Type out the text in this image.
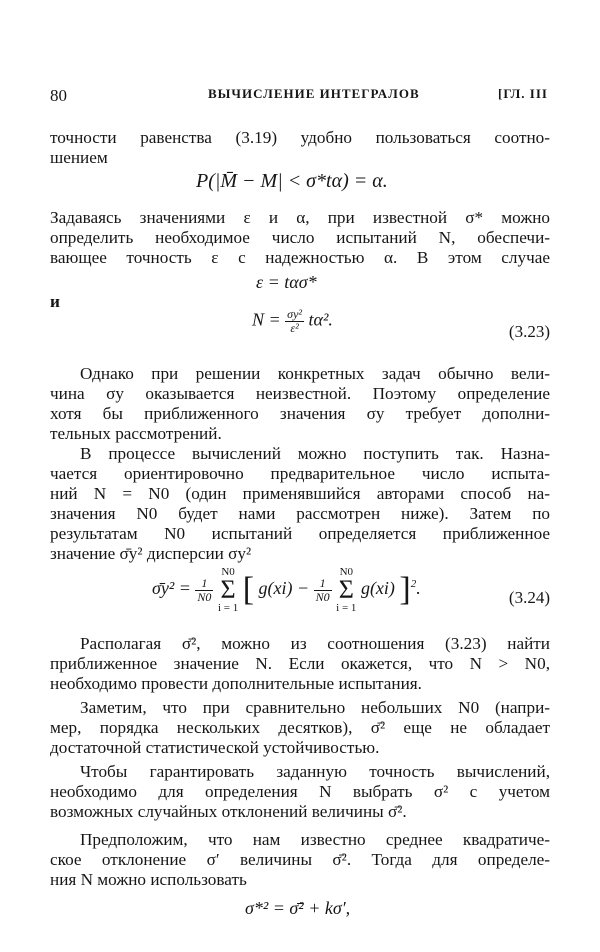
80	ВЫЧИСЛЕНИЕ ИНТЕГРАЛОВ	[ГЛ. III
точности равенства (3.19) удобно пользоваться соотно-
шением
P(|M̄ − M| < σ*tα) = α.
Задаваясь значениями ε и α, при известной σ* можно
определить необходимое число испытаний N, обеспечи-
вающее точность ε с надежностью α. В этом случае
ε = tασ*
и
$N = \frac{\text{σy²}}{\text{ε²}} t\alpha^2$.
(3.23)
Однако при решении конкретных задач обычно вели-
чина σy оказывается неизвестной. Поэтому определение
хотя бы приближенного значения σy требует дополни-
тельных рассмотрений.
В процессе вычислений можно поступить так. Назна-
чается ориентировочно предварительное число испыта-
ний N = N0 (один применявшийся авторами способ на-
значения N0 будет нами рассмотрен ниже). Затем по
результатам N0 испытаний определяется приближенное
значение σ̄y² дисперсии σy²
σ̄y² = $\frac{1}{N0}$

N0
Σ
i = 1 [ $g(xi) - \frac{1}{N0}$

N0
Σ
i = 1
g(xi) ]$^2$.	(3.24)
Располагая σ̄², можно из соотношения (3.23) найти
приближенное значение N. Если окажется, что N > N0,
необходимо провести дополнительные испытания.
Заметим, что при сравнительно небольших N0 (напри-
мер, порядка нескольких десятков), σ̄² еще не обладает
достаточной статистической устойчивостью.
Чтобы гарантировать заданную точность вычислений,
необходимо для определения N выбрать σ² с учетом
возможных случайных отклонений величины σ̄².
Предположим, что нам известно среднее квадратиче-
ское отклонение σ′ величины σ̄². Тогда для определе-
ния N можно использовать
σ*² = σ̄² + kσ′,
